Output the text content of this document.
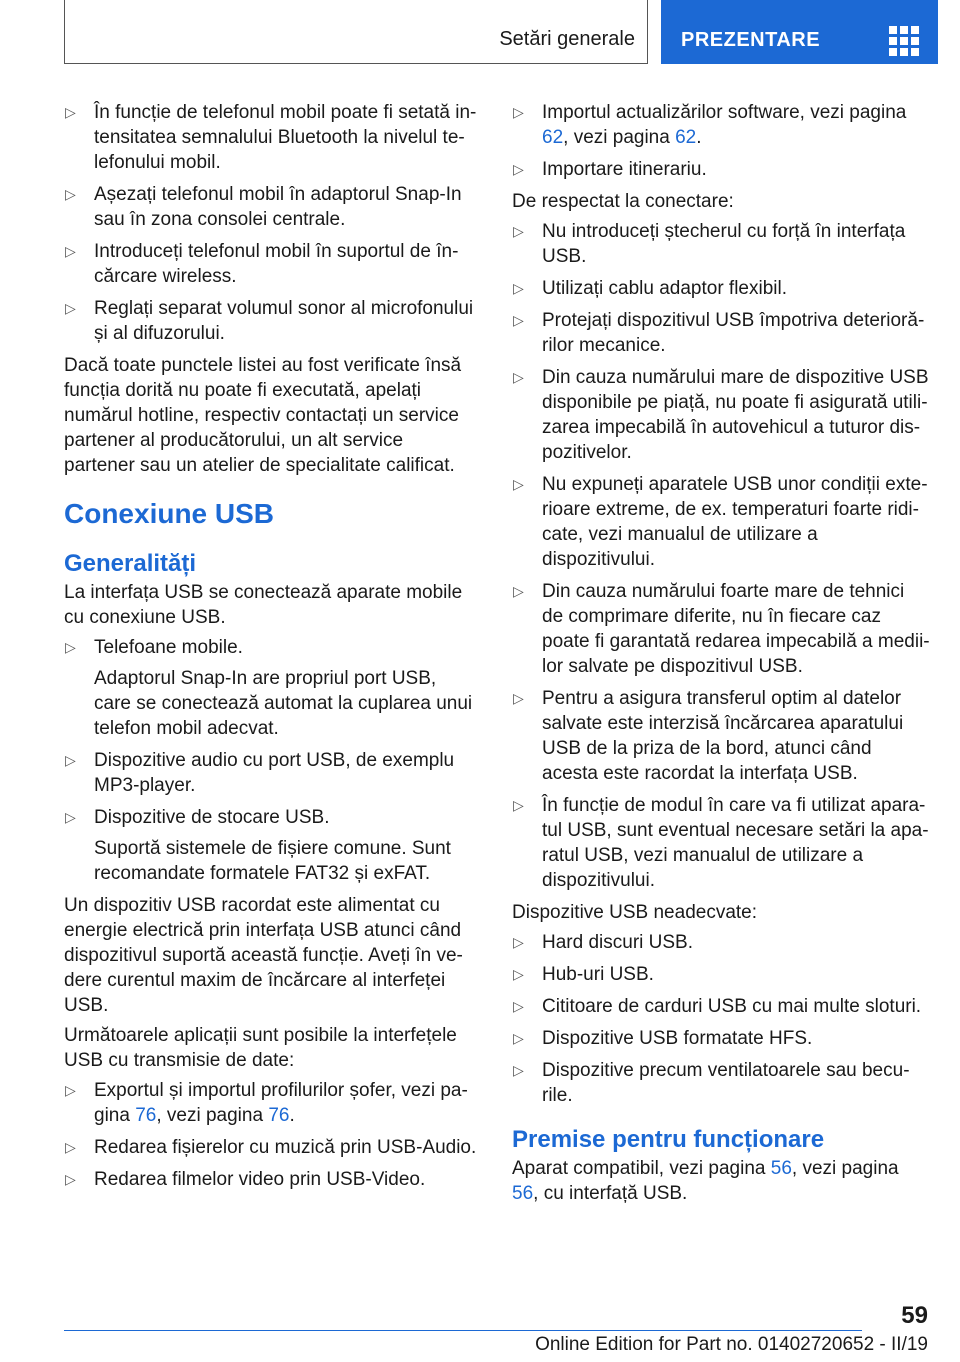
Setări generale PREZENTARE
▷ În funcție de telefonul mobil poate fi setată intensitatea semnalului Bluetooth la nivelul telefonului mobil.
▷ Așezați telefonul mobil în adaptorul Snap-In sau în zona consolei centrale.
▷ Introduceți telefonul mobil în suportul de încărcare wireless.
▷ Reglați separat volumul sonor al microfonului și al difuzorului.

Dacă toate punctele listei au fost verificate însă funcția dorită nu poate fi executată, apelați numărul hotline, respectiv contactați un service partener al producătorului, un alt service partener sau un atelier de specialitate calificat.

Conexiune USB
Generalități

La interfața USB se conectează aparate mobile cu conexiune USB.

▷ Telefoane mobile.
Adaptorul Snap-In are propriul port USB, care se conectează automat la cuplarea unui telefon mobil adecvat.
▷ Dispozitive audio cu port USB, de exemplu MP3-player.
▷ Dispozitive de stocare USB.
Suportă sistemele de fișiere comune. Sunt recomandate formatele FAT32 și exFAT.

Un dispozitiv USB racordat este alimentat cu energie electrică prin interfața USB atunci când dispozitivul suportă această funcție. Aveți în vedere curentul maxim de încărcare al interfeței USB.

Următoarele aplicații sunt posibile la interfețele USB cu transmisie de date:

▷ Exportul și importul profilurilor șofer, vezi pagina 76, vezi pagina 76.
▷ Redarea fișierelor cu muzică prin USB-Audio.
▷ Redarea filmelor video prin USB-Video.
▷ Importul actualizărilor software, vezi pagina 62, vezi pagina 62.
▷ Importare itinerariu.

De respectat la conectare:

▷ Nu introduceți ștecherul cu forță în interfața USB.
▷ Utilizați cablu adaptor flexibil.
▷ Protejați dispozitivul USB împotriva deteriorărilor mecanice.
▷ Din cauza numărului mare de dispozitive USB disponibile pe piață, nu poate fi asigurată utilizarea impecabilă în autovehicul a tuturor dispozitivelor.
▷ Nu expuneți aparatele USB unor condiții exterioare extreme, de ex. temperaturi foarte ridicate, vezi manualul de utilizare a dispozitivului.
▷ Din cauza numărului foarte mare de tehnici de comprimare diferite, nu în fiecare caz poate fi garantată redarea impecabilă a mediilor salvate pe dispozitivul USB.
▷ Pentru a asigura transferul optim al datelor salvate este interzisă încărcarea aparatului USB de la priza de la bord, atunci când acesta este racordat la interfața USB.
▷ În funcție de modul în care va fi utilizat aparatul USB, sunt eventual necesare setări la aparatul USB, vezi manualul de utilizare a dispozitivului.

Dispozitive USB neadecvate:

▷ Hard discuri USB.
▷ Hub-uri USB.
▷ Cititoare de carduri USB cu mai multe sloturi.
▷ Dispozitive USB formatate HFS.
▷ Dispozitive precum ventilatoarele sau becurile.
Premise pentru funcționare

Aparat compatibil, vezi pagina 56, vezi pagina 56, cu interfață USB.

59
Online Edition for Part no. 01402720652 - II/19
